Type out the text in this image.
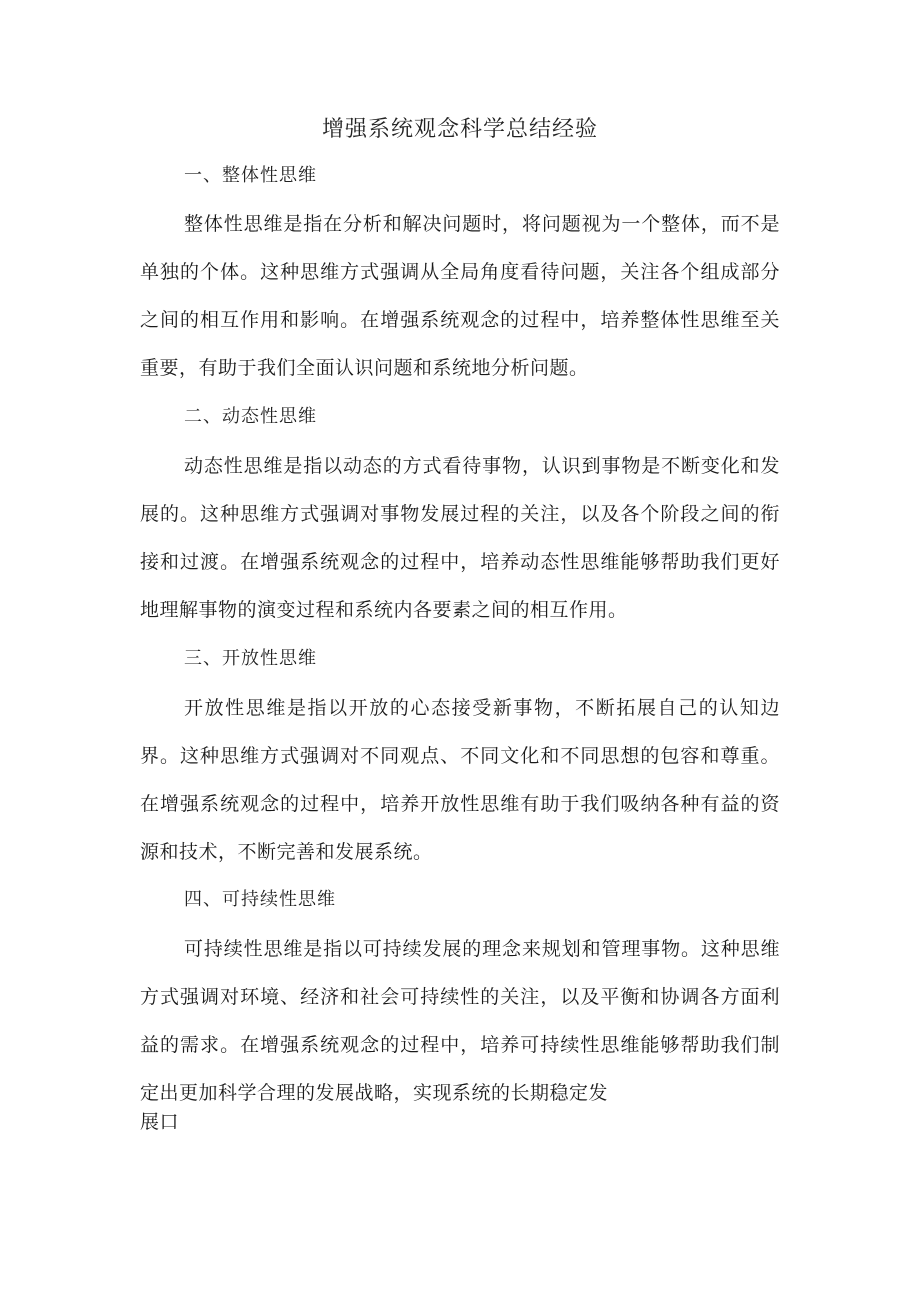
增强系统观念科学总结经验
一、整体性思维
整体性思维是指在分析和解决问题时，将问题视为一个整体，而不是单独的个体。这种思维方式强调从全局角度看待问题，关注各个组成部分之间的相互作用和影响。在增强系统观念的过程中，培养整体性思维至关重要，有助于我们全面认识问题和系统地分析问题。
二、动态性思维
动态性思维是指以动态的方式看待事物，认识到事物是不断变化和发展的。这种思维方式强调对事物发展过程的关注，以及各个阶段之间的衔接和过渡。在增强系统观念的过程中，培养动态性思维能够帮助我们更好地理解事物的演变过程和系统内各要素之间的相互作用。
三、开放性思维
开放性思维是指以开放的心态接受新事物，不断拓展自己的认知边界。这种思维方式强调对不同观点、不同文化和不同思想的包容和尊重。在增强系统观念的过程中，培养开放性思维有助于我们吸纳各种有益的资源和技术，不断完善和发展系统。
四、可持续性思维
可持续性思维是指以可持续发展的理念来规划和管理事物。这种思维方式强调对环境、经济和社会可持续性的关注，以及平衡和协调各方面利益的需求。在增强系统观念的过程中，培养可持续性思维能够帮助我们制定出更加科学合理的发展战略，实现系统的长期稳定发
展口
